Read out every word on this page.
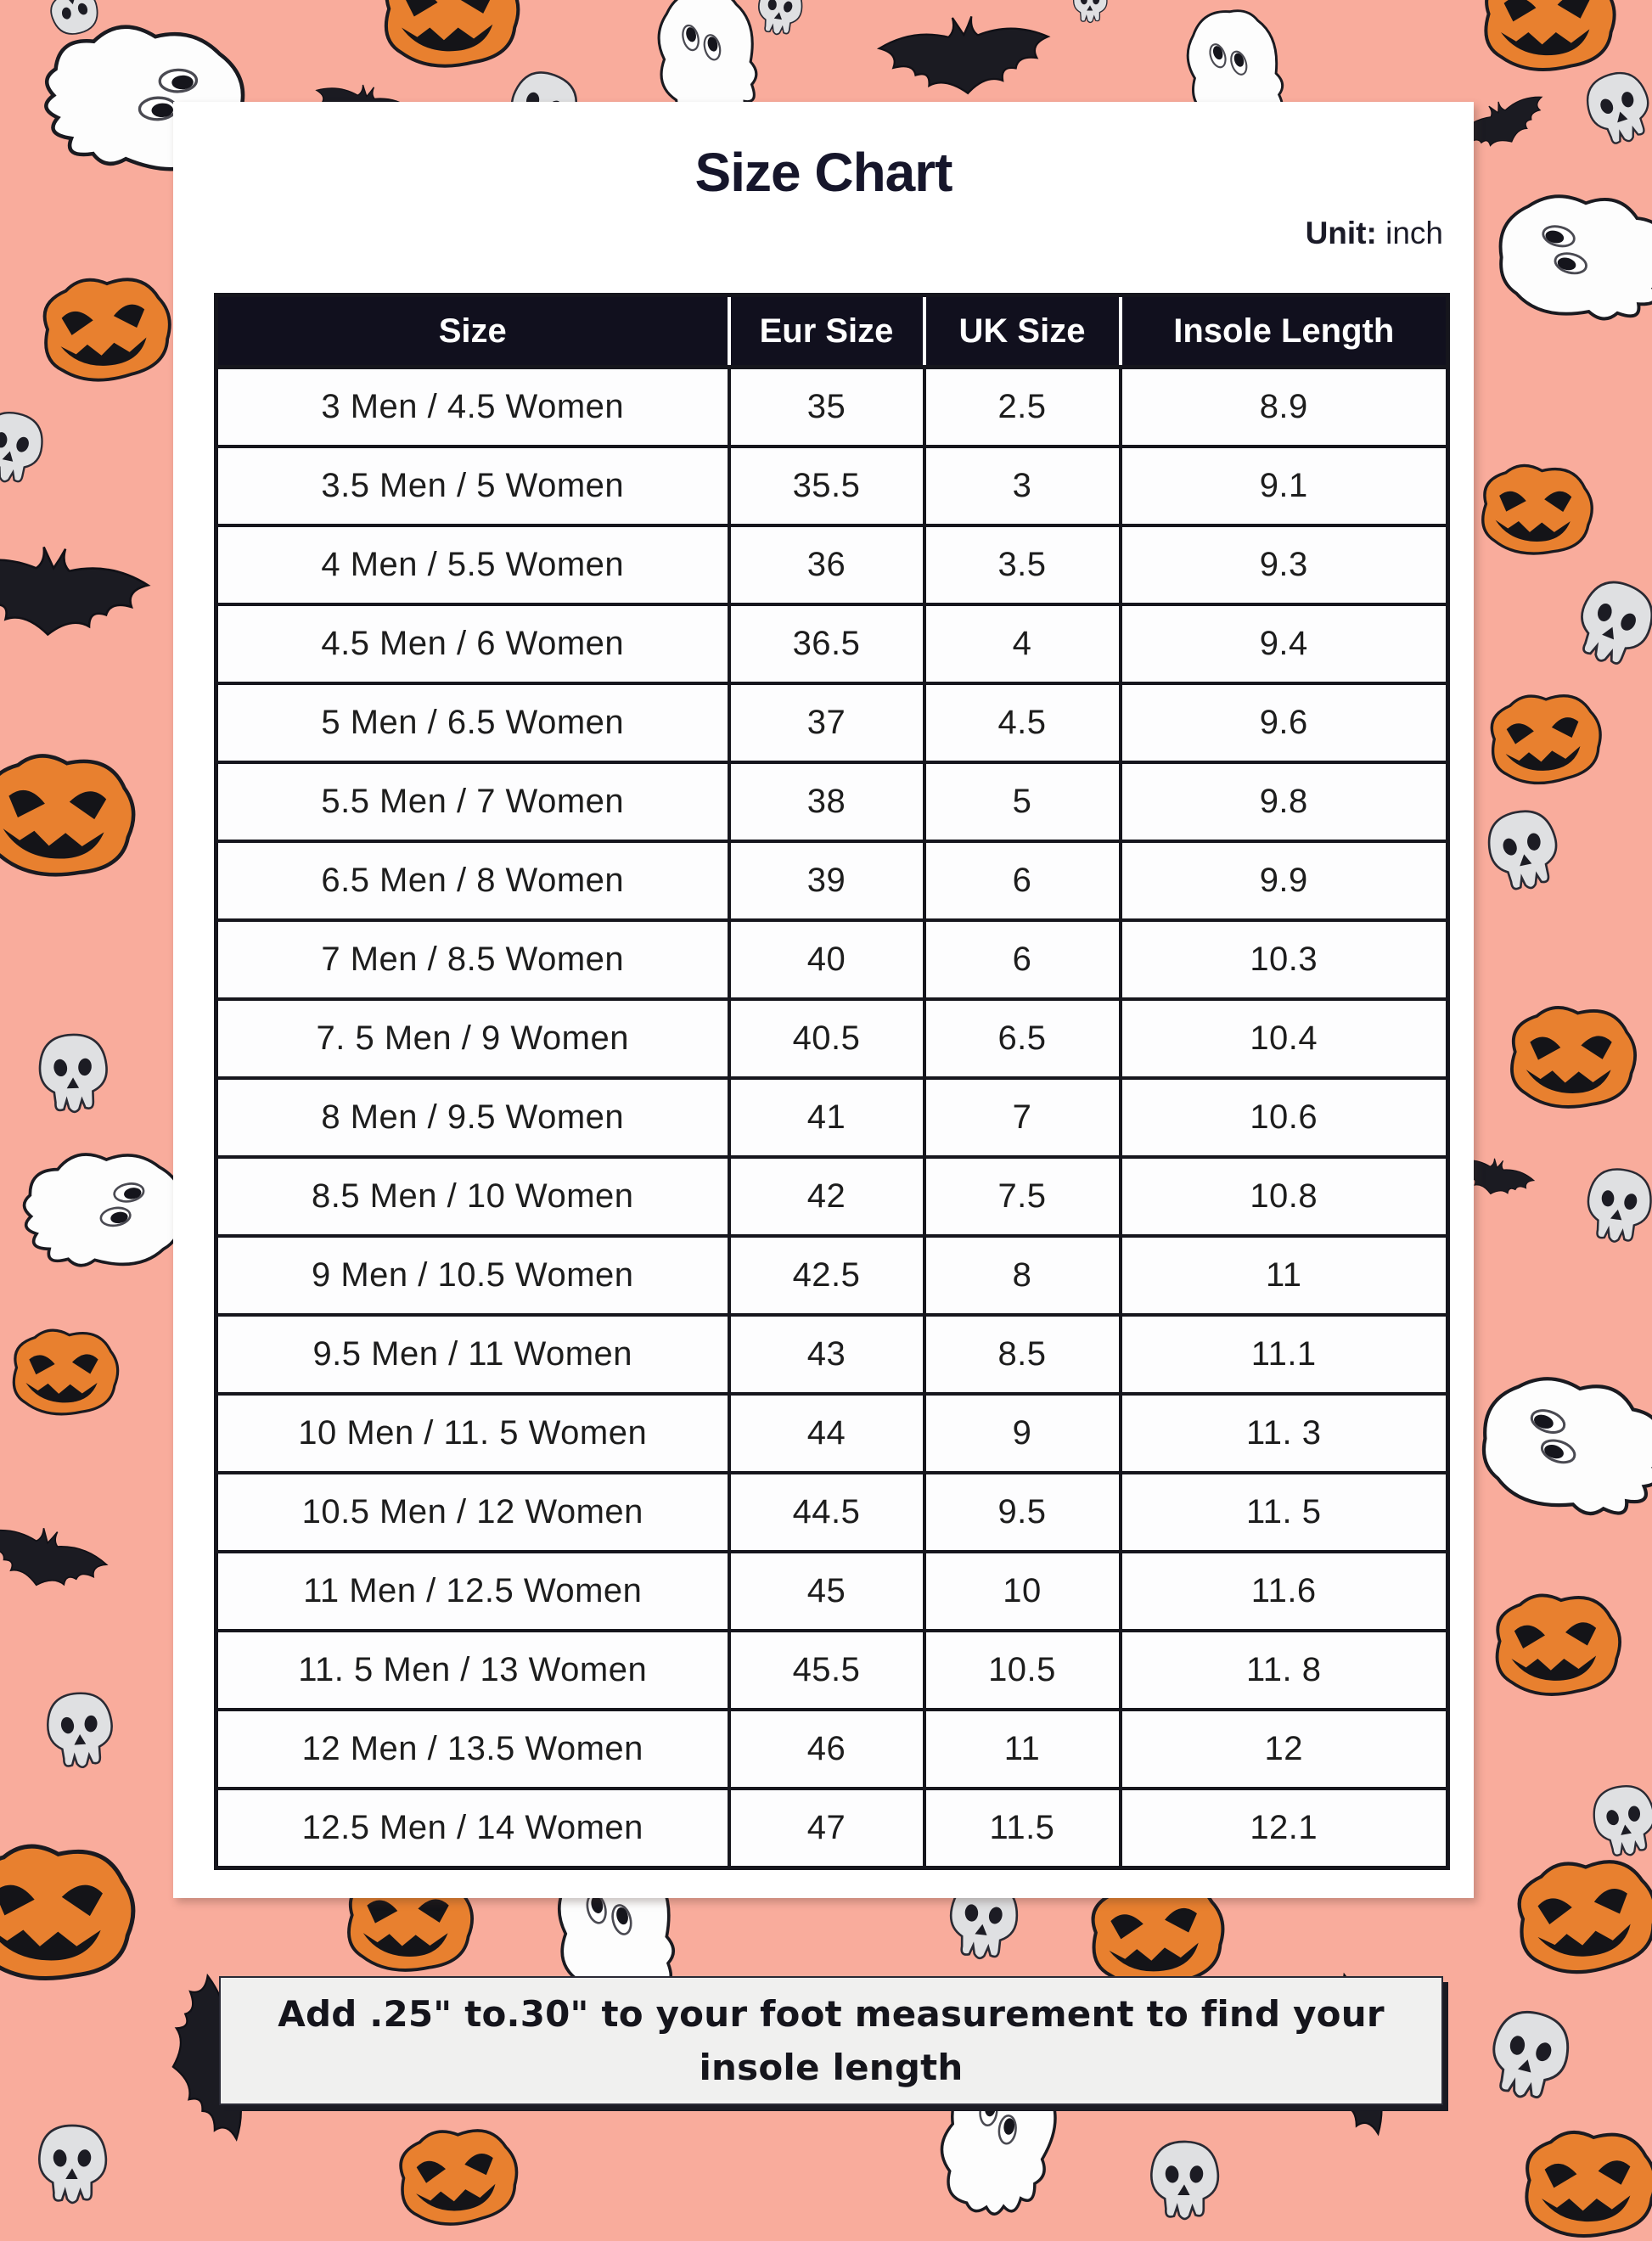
Size Chart
Unit: inch
Size	Eur Size	UK Size	Insole Length
3 Men / 4.5 Women	35	2.5	8.9
3.5 Men / 5 Women	35.5	3	9.1
4 Men / 5.5 Women	36	3.5	9.3
4.5 Men / 6 Women	36.5	4	9.4
5 Men / 6.5 Women	37	4.5	9.6
5.5 Men / 7 Women	38	5	9.8
6.5 Men / 8 Women	39	6	9.9
7 Men / 8.5 Women	40	6	10.3
7. 5 Men / 9 Women	40.5	6.5	10.4
8 Men / 9.5 Women	41	7	10.6
8.5 Men / 10 Women	42	7.5	10.8
9 Men / 10.5 Women	42.5	8	11
9.5 Men / 11 Women	43	8.5	11.1
10 Men / 11. 5 Women	44	9	11. 3
10.5 Men / 12 Women	44.5	9.5	11. 5
11 Men / 12.5 Women	45	10	11.6
11. 5 Men / 13 Women	45.5	10.5	11. 8
12 Men / 13.5 Women	46	11	12
12.5 Men / 14 Women	47	11.5	12.1
Add .25" to.30" to your foot measurement to find your insole length
